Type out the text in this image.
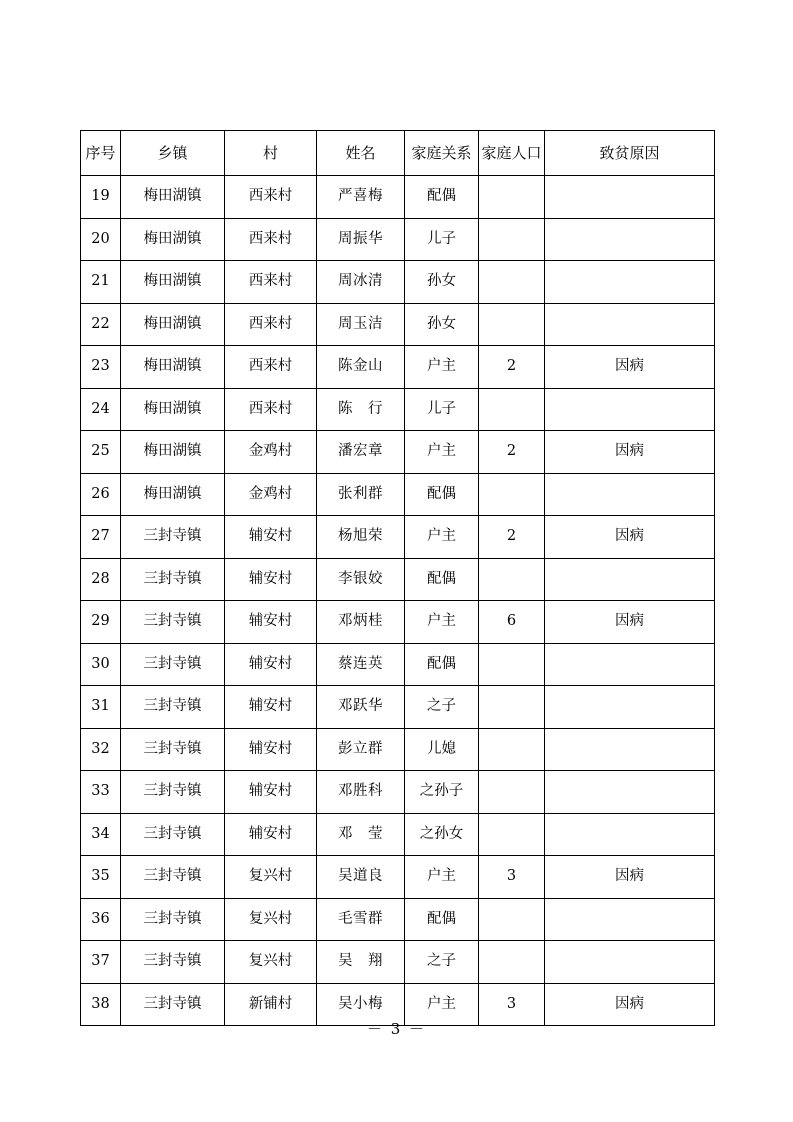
序号	乡镇	村	姓名	家庭关系	家庭人口	致贫原因
19	梅田湖镇	西来村	严喜梅	配偶		
20	梅田湖镇	西来村	周振华	儿子		
21	梅田湖镇	西来村	周冰清	孙女		
22	梅田湖镇	西来村	周玉洁	孙女		
23	梅田湖镇	西来村	陈金山	户主	2	因病
24	梅田湖镇	西来村	陈　行	儿子		
25	梅田湖镇	金鸡村	潘宏章	户主	2	因病
26	梅田湖镇	金鸡村	张利群	配偶		
27	三封寺镇	辅安村	杨旭荣	户主	2	因病
28	三封寺镇	辅安村	李银姣	配偶		
29	三封寺镇	辅安村	邓炳桂	户主	6	因病
30	三封寺镇	辅安村	蔡连英	配偶		
31	三封寺镇	辅安村	邓跃华	之子		
32	三封寺镇	辅安村	彭立群	儿媳		
33	三封寺镇	辅安村	邓胜科	之孙子		
34	三封寺镇	辅安村	邓　莹	之孙女		
35	三封寺镇	复兴村	吴道良	户主	3	因病
36	三封寺镇	复兴村	毛雪群	配偶		
37	三封寺镇	复兴村	吴　翔	之子		
38	三封寺镇	新铺村	吴小梅	户主	3	因病
－ 3 －
